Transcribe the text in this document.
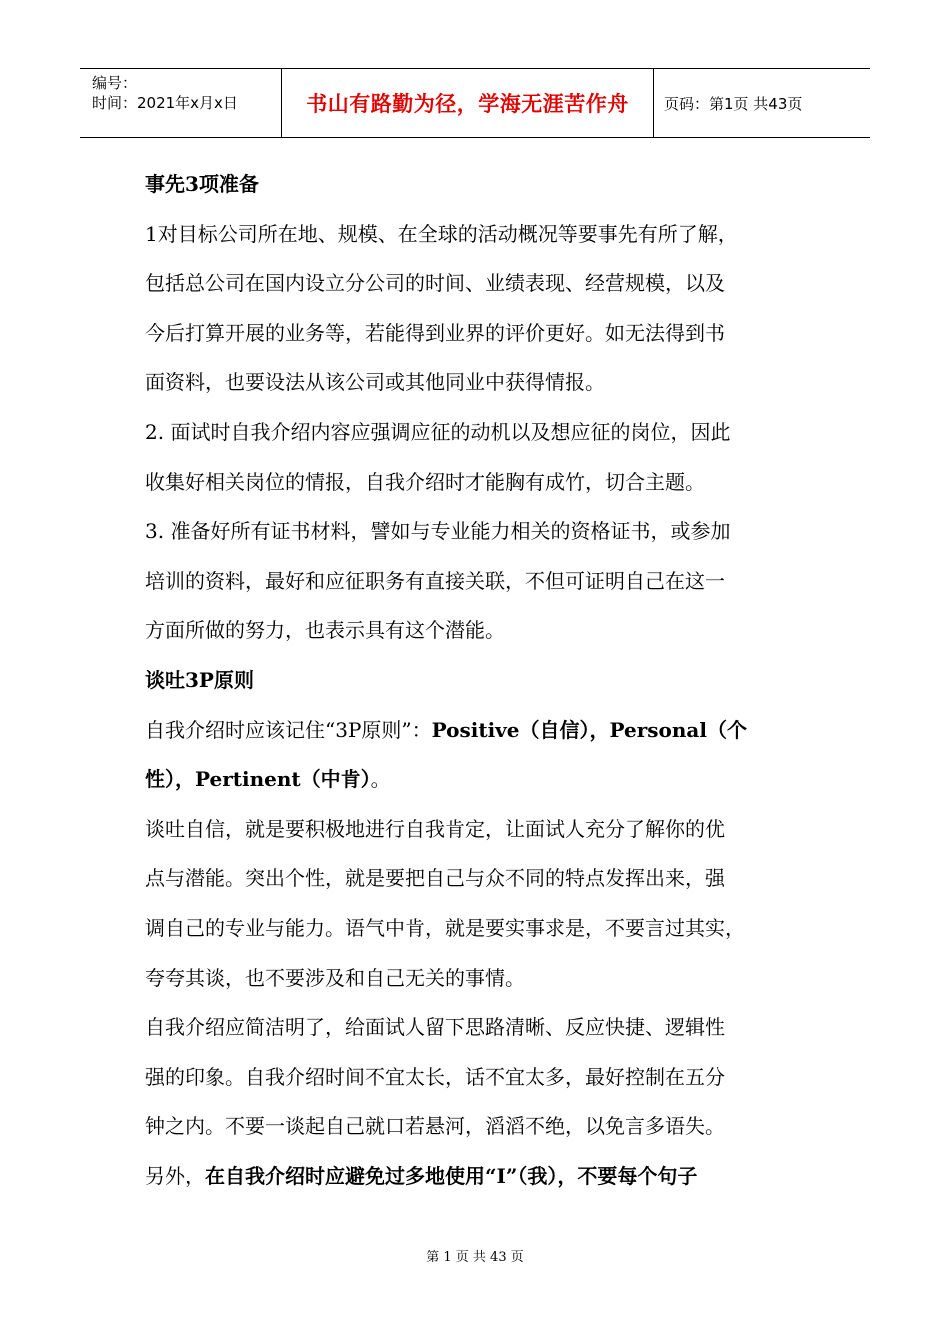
编号：
时间：2021年x月x日	书山有路勤为径，学海无涯苦作舟	页码：第1页 共43页

事先3项准备

1对目标公司所在地、规模、在全球的活动概况等要事先有所了解，

包括总公司在国内设立分公司的时间、业绩表现、经营规模，以及

今后打算开展的业务等，若能得到业界的评价更好。如无法得到书

面资料，也要设法从该公司或其他同业中获得情报。

2. 面试时自我介绍内容应强调应征的动机以及想应征的岗位，因此

收集好相关岗位的情报，自我介绍时才能胸有成竹，切合主题。

3. 准备好所有证书材料，譬如与专业能力相关的资格证书，或参加

培训的资料，最好和应征职务有直接关联，不但可证明自己在这一

方面所做的努力，也表示具有这个潜能。

谈吐3P原则

自我介绍时应该记住“3P原则”：Positive（自信），Personal（个

性），Pertinent（中肯）。

谈吐自信，就是要积极地进行自我肯定，让面试人充分了解你的优

点与潜能。突出个性，就是要把自己与众不同的特点发挥出来，强

调自己的专业与能力。语气中肯，就是要实事求是，不要言过其实，

夸夸其谈，也不要涉及和自己无关的事情。

自我介绍应简洁明了，给面试人留下思路清晰、反应快捷、逻辑性

强的印象。自我介绍时间不宜太长，话不宜太多，最好控制在五分

钟之内。不要一谈起自己就口若悬河，滔滔不绝，以免言多语失。

另外，在自我介绍时应避免过多地使用“I”（我），不要每个句子

第 1 页 共 43 页
